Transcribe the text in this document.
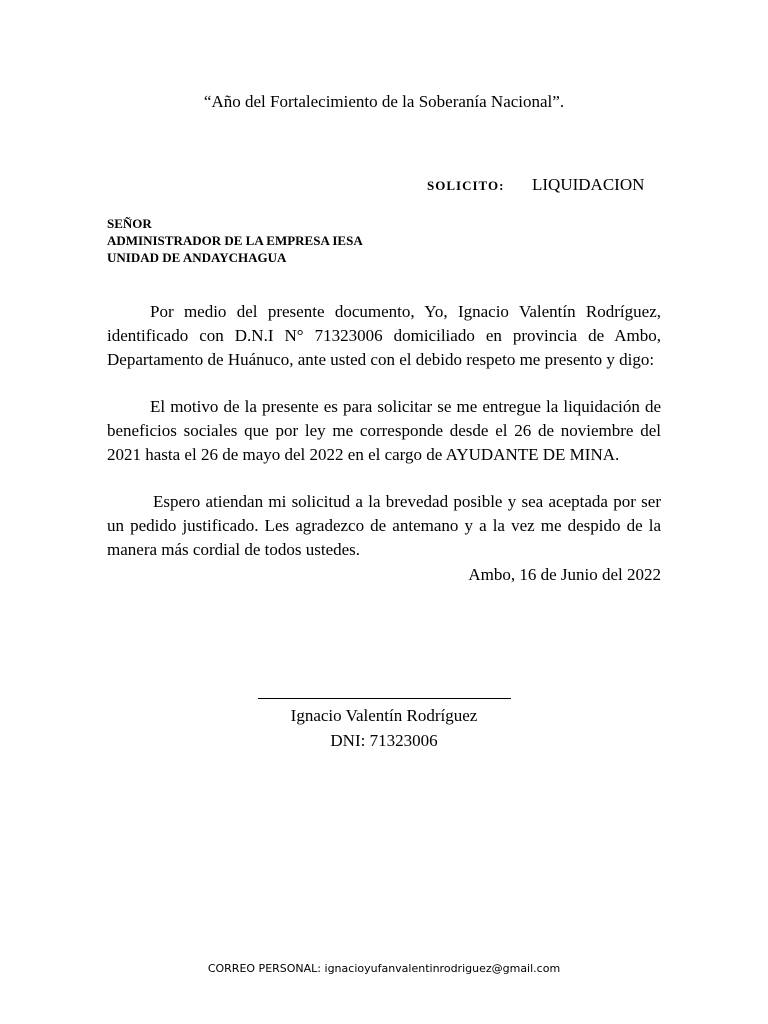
“Año del Fortalecimiento de la Soberanía Nacional”.
SOLICITO: LIQUIDACION
SEÑOR
ADMINISTRADOR DE LA EMPRESA IESA
UNIDAD DE ANDAYCHAGUA

Por medio del presente documento, Yo, Ignacio Valentín Rodríguez, identificado con D.N.I N° 71323006 domiciliado en provincia de Ambo, Departamento de Huánuco, ante usted con el debido respeto me presento y digo:

El motivo de la presente es para solicitar se me entregue la liquidación de beneficios sociales que por ley me corresponde desde el 26 de noviembre del 2021 hasta el 26 de mayo del 2022 en el cargo de AYUDANTE DE MINA.

Espero atiendan mi solicitud a la brevedad posible y sea aceptada por ser un pedido justificado. Les agradezco de antemano y a la vez me despido de la manera más cordial de todos ustedes.

Ambo, 16 de Junio del 2022
Ignacio Valentín Rodríguez
DNI: 71323006
CORREO PERSONAL: ignacioyufanvalentinrodriguez@gmail.com
